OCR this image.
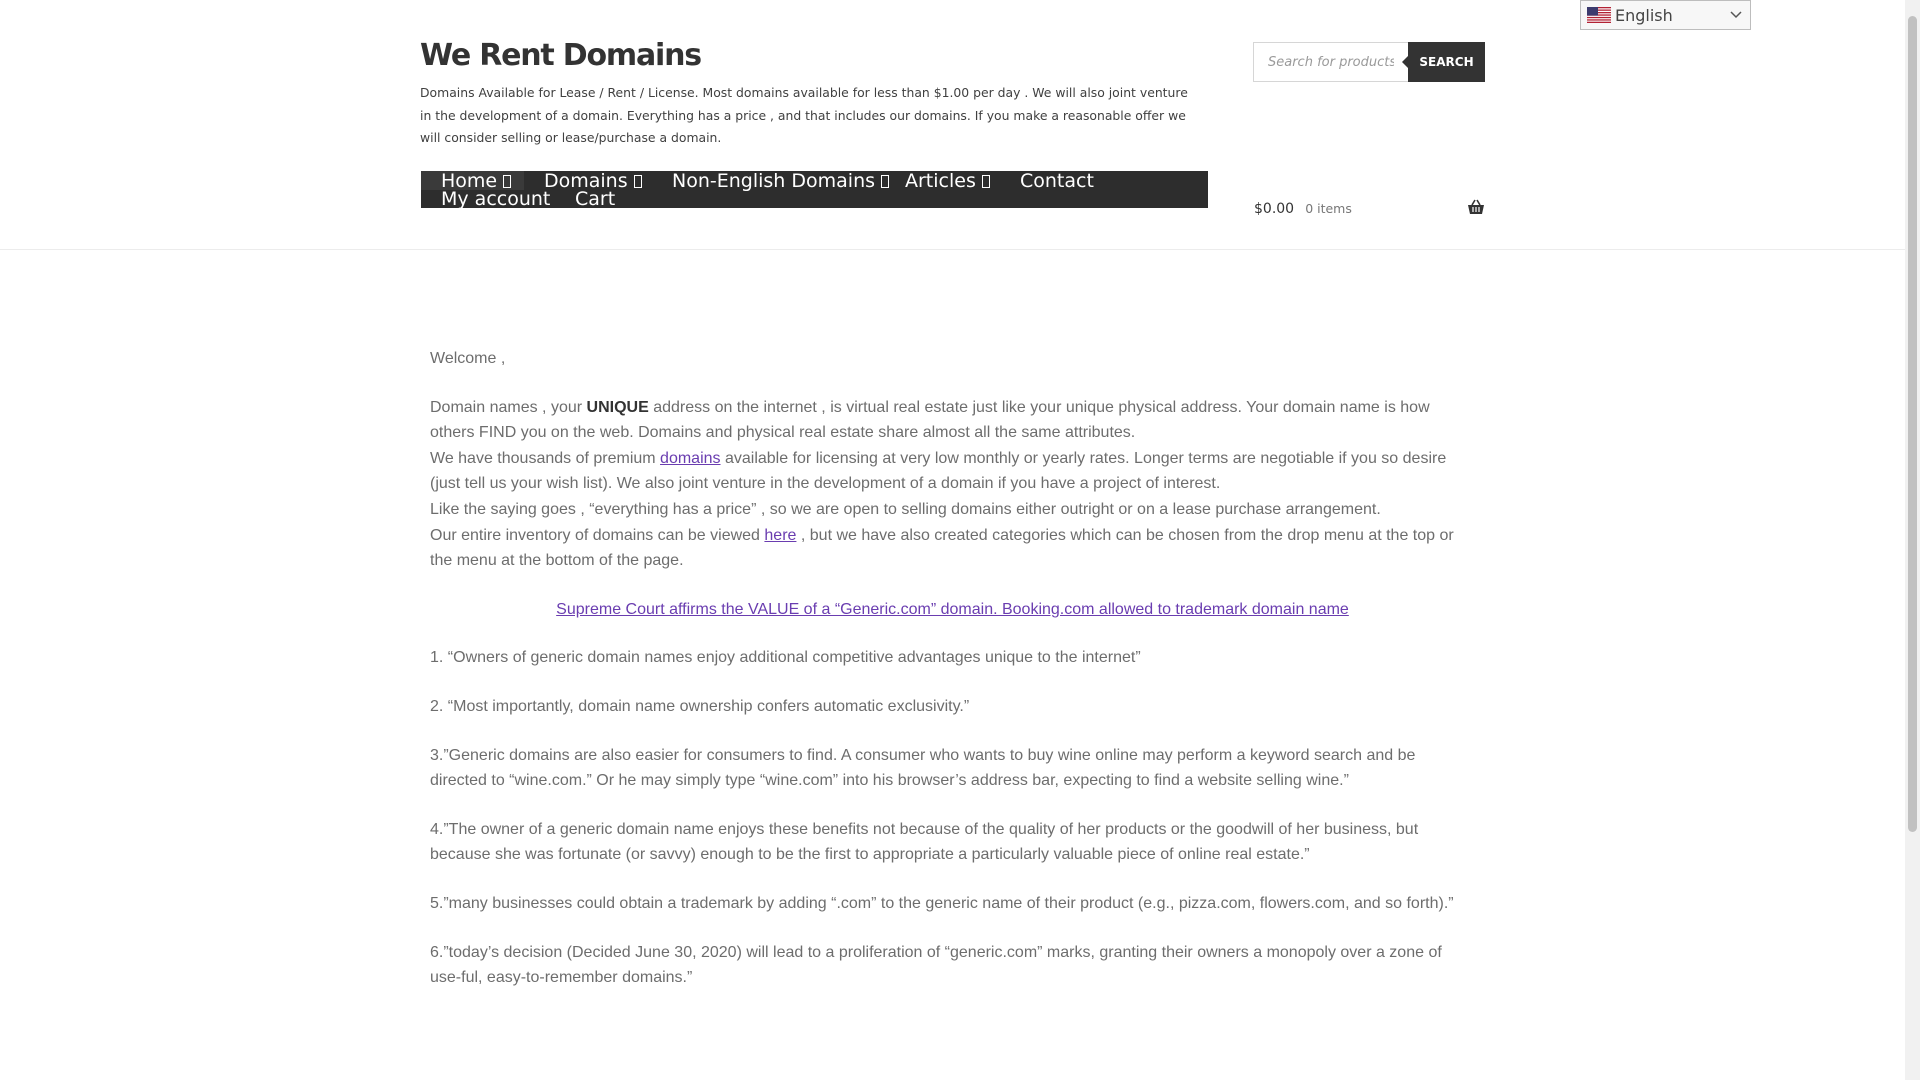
English
We Rent Domains

Domains Available for Lease / Rent / License. Most domains available for less than $1.00 per day . We will also joint venture in the development of a domain. Everything has a price , and that includes our domains. If you make a reasonable offer we will consider selling or lease/purchase a domain.

Search for products…
SEARCH
Home	Domains	Non-English Domains	Articles	Contact
My account Cart	$0.00 0 items

Welcome ,

Domain names , your UNIQUE address on the internet , is virtual real estate just like your unique physical address. Your domain name is how others FIND you on the web. Domains and physical real estate share almost all the same attributes.

We have thousands of premium domains available for licensing at very low monthly or yearly rates. Longer terms are negotiable if you so desire (just tell us your wish list). We also joint venture in the development of a domain if you have a project of interest.

Like the saying goes , “everything has a price” , so we are open to selling domains either outright or on a lease purchase arrangement.

Our entire inventory of domains can be viewed here , but we have also created categories which can be chosen from the drop menu at the top or the menu at the bottom of the page.

Supreme Court affirms the VALUE of a “Generic.com” domain. Booking.com allowed to trademark domain name

1. “Owners of generic domain names enjoy additional competitive advantages unique to the internet”

2. “Most importantly, domain name ownership confers automatic exclusivity.”

3.”Generic domains are also easier for consumers to find. A consumer who wants to buy wine online may perform a keyword search and be directed to “wine.com.” Or he may simply type “wine.com” into his browser’s address bar, expecting to find a website selling wine.”

4.”The owner of a generic domain name enjoys these benefits not because of the quality of her products or the goodwill of her business, but because she was fortunate (or savvy) enough to be the first to appropriate a particularly valuable piece of online real estate.”

5.”many businesses could obtain a trademark by adding “.com” to the generic name of their product (e.g., pizza.com, flowers.com, and so forth).”

6.”today’s decision (Decided June 30, 2020) will lead to a proliferation of “generic.com” marks, granting their owners a monopoly over a zone of use-ful, easy-to-remember domains.”
